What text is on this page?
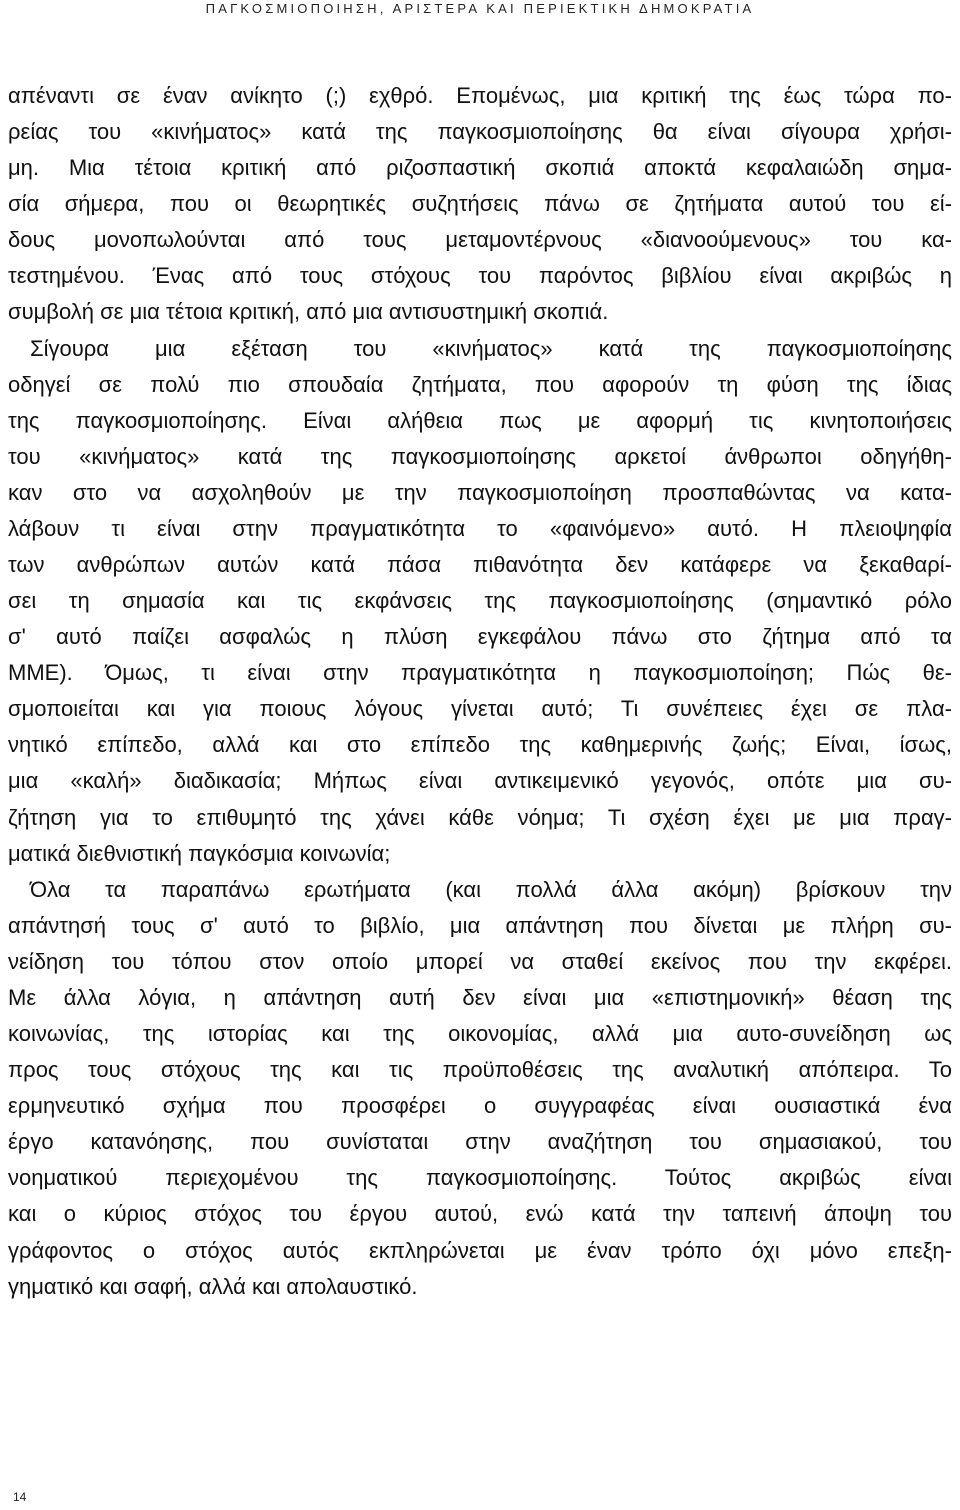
ΠΑΓΚΟΣΜΙΟΠΟΙΗΣΗ, ΑΡΙΣΤΕΡΑ ΚΑΙ ΠΕΡΙΕΚΤΙΚΗ ΔΗΜΟΚΡΑΤΙΑ
απέναντι σε έναν ανίκητο (;) εχθρό. Επομένως, μια κριτική της έως τώρα πο-
ρείας του «κινήματος» κατά της παγκοσμιοποίησης θα είναι σίγουρα χρήσι-
μη. Μια τέτοια κριτική από ριζοσπαστική σκοπιά αποκτά κεφαλαιώδη σημα-
σία σήμερα, που οι θεωρητικές συζητήσεις πάνω σε ζητήματα αυτού του εί-
δους μονοπωλούνται από τους μεταμοντέρνους «διανοούμενους» του κα-
τεστημένου. Ένας από τους στόχους του παρόντος βιβλίου είναι ακριβώς η
συμβολή σε μια τέτοια κριτική, από μια αντισυστημική σκοπιά.
Σίγουρα μια εξέταση του «κινήματος» κατά της παγκοσμιοποίησης
οδηγεί σε πολύ πιο σπουδαία ζητήματα, που αφορούν τη φύση της ίδιας
της παγκοσμιοποίησης. Είναι αλήθεια πως με αφορμή τις κινητοποιήσεις
του «κινήματος» κατά της παγκοσμιοποίησης αρκετοί άνθρωποι οδηγήθη-
καν στο να ασχοληθούν με την παγκοσμιοποίηση προσπαθώντας να κατα-
λάβουν τι είναι στην πραγματικότητα το «φαινόμενο» αυτό. Η πλειοψηφία
των ανθρώπων αυτών κατά πάσα πιθανότητα δεν κατάφερε να ξεκαθαρί-
σει τη σημασία και τις εκφάνσεις της παγκοσμιοποίησης (σημαντικό ρόλο
σ' αυτό παίζει ασφαλώς η πλύση εγκεφάλου πάνω στο ζήτημα από τα
ΜΜΕ). Όμως, τι είναι στην πραγματικότητα η παγκοσμιοποίηση; Πώς θε-
σμοποιείται και για ποιους λόγους γίνεται αυτό; Τι συνέπειες έχει σε πλα-
νητικό επίπεδο, αλλά και στο επίπεδο της καθημερινής ζωής; Είναι, ίσως,
μια «καλή» διαδικασία; Μήπως είναι αντικειμενικό γεγονός, οπότε μια συ-
ζήτηση για το επιθυμητό της χάνει κάθε νόημα; Τι σχέση έχει με μια πραγ-
ματικά διεθνιστική παγκόσμια κοινωνία;
Όλα τα παραπάνω ερωτήματα (και πολλά άλλα ακόμη) βρίσκουν την
απάντησή τους σ' αυτό το βιβλίο, μια απάντηση που δίνεται με πλήρη συ-
νείδηση του τόπου στον οποίο μπορεί να σταθεί εκείνος που την εκφέρει.
Με άλλα λόγια, η απάντηση αυτή δεν είναι μια «επιστημονική» θέαση της
κοινωνίας, της ιστορίας και της οικονομίας, αλλά μια αυτο-συνείδηση ως
προς τους στόχους της και τις προϋποθέσεις της αναλυτική απόπειρα. Το
ερμηνευτικό σχήμα που προσφέρει ο συγγραφέας είναι ουσιαστικά ένα
έργο κατανόησης, που συνίσταται στην αναζήτηση του σημασιακού, του
νοηματικού περιεχομένου της παγκοσμιοποίησης. Τούτος ακριβώς είναι
και ο κύριος στόχος του έργου αυτού, ενώ κατά την ταπεινή άποψη του
γράφοντος ο στόχος αυτός εκπληρώνεται με έναν τρόπο όχι μόνο επεξη-
γηματικό και σαφή, αλλά και απολαυστικό.
14
